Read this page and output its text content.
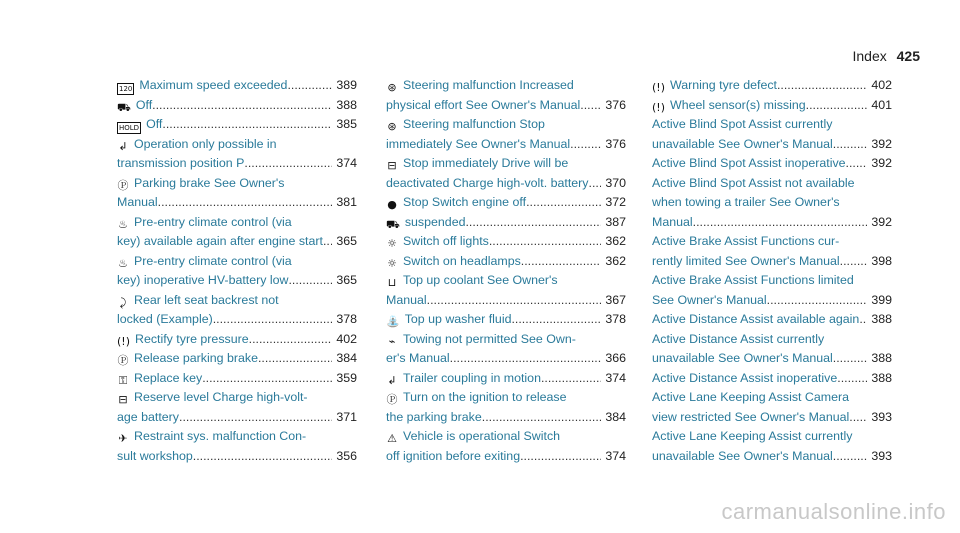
Index 425
120 Maximum speed exceeded .....	389
⛟ Off .....	388
HOLD Off .....	385
↲ Operation only possible in
transmission position P .....	374
Ⓟ Parking brake See Owner's
Manual .....	381
♨ Pre-entry climate control (via
key) available again after engine start .....	365
♨ Pre-entry climate control (via
key) inoperative HV-battery low .....	365
⤸ Rear left seat backrest not
locked (Example) .....	378
(!) Rectify tyre pressure .....	402
Ⓟ Release parking brake .....	384
⚿ Replace key .....	359
⊟ Reserve level Charge high-volt-
age battery .....	371
✈ Restraint sys. malfunction Con-
sult workshop .....	356
⊛ Steering malfunction Increased
physical effort See Owner's Manual .....	376
⊛ Steering malfunction Stop
immediately See Owner's Manual .....	376
⊟ Stop immediately Drive will be
deactivated Charge high-volt. battery .....	370
● Stop Switch engine off .....	372
⛟ suspended .....	387
☼ Switch off lights .....	362
☼ Switch on headlamps .....	362
⊔ Top up coolant See Owner's
Manual .....	367
⛲ Top up washer fluid .....	378
⌁ Towing not permitted See Own-
er's Manual .....	366
↲ Trailer coupling in motion .....	374
Ⓟ Turn on the ignition to release
the parking brake .....	384
⚠ Vehicle is operational Switch
off ignition before exiting .....	374
(!) Warning tyre defect .....	402
(!) Wheel sensor(s) missing .....	401
Active Blind Spot Assist currently
unavailable See Owner's Manual .....	392
Active Blind Spot Assist inoperative .....	392
Active Blind Spot Assist not available
when towing a trailer See Owner's
Manual .....	392
Active Brake Assist Functions cur-
rently limited See Owner's Manual .....	398
Active Brake Assist Functions limited
See Owner's Manual .....	399
Active Distance Assist available again ..... 388
Active Distance Assist currently
unavailable See Owner's Manual .....	388
Active Distance Assist inoperative .....	388
Active Lane Keeping Assist Camera
view restricted See Owner's Manual .....	393
Active Lane Keeping Assist currently
unavailable See Owner's Manual .....	393
carmanualsonline.info
